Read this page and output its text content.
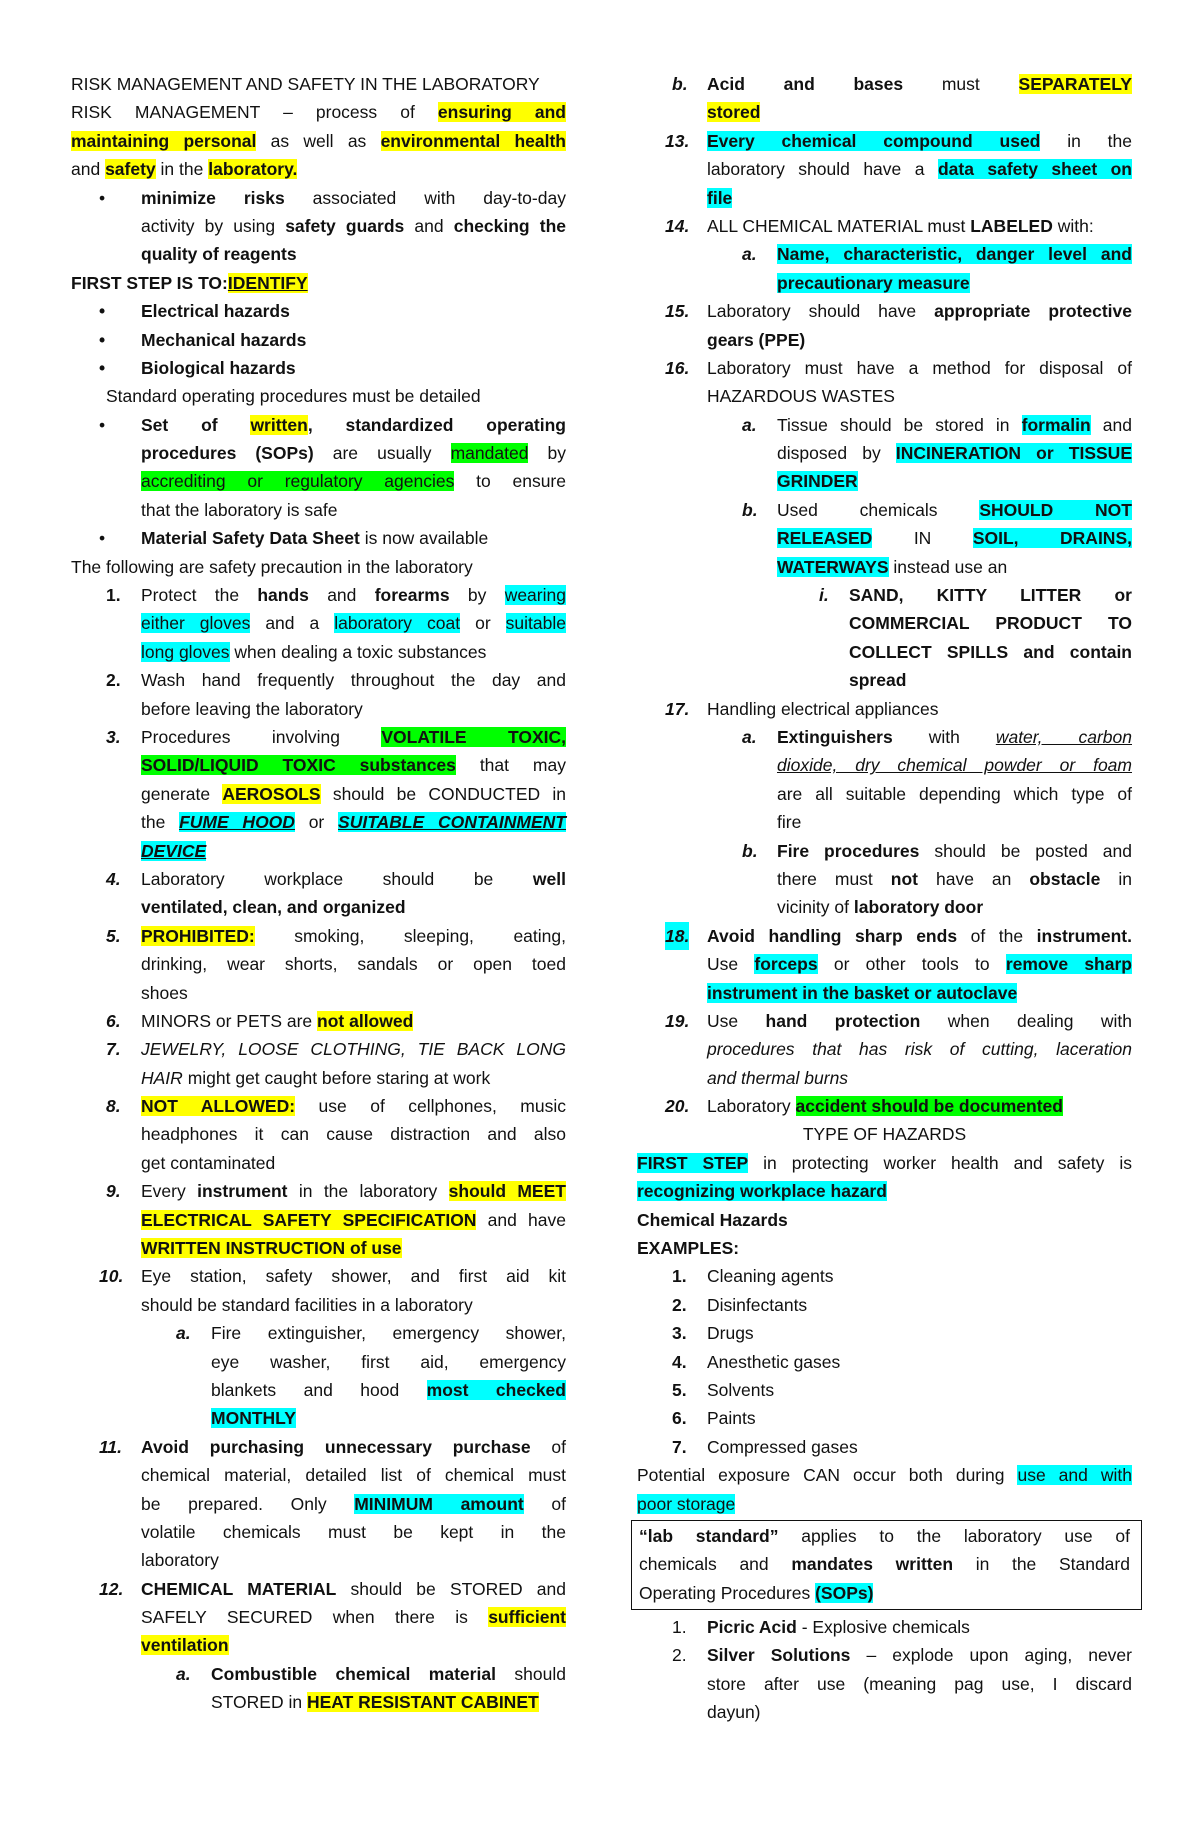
RISK MANAGEMENT AND SAFETY IN THE LABORATORY
RISK MANAGEMENT – process of ensuring and
maintaining personal as well as environmental health
and safety in the laboratory.
• minimize risks associated with day-to-day
activity by using safety guards and checking the
quality of reagents
FIRST STEP IS TO:IDENTIFY
• Electrical hazards
• Mechanical hazards
• Biological hazards
Standard operating procedures must be detailed
• Set of written, standardized operating
procedures (SOPs) are usually mandated by
accrediting or regulatory agencies to ensure
that the laboratory is safe
• Material Safety Data Sheet is now available
The following are safety precaution in the laboratory
1. Protect the hands and forearms by wearing
either gloves and a laboratory coat or suitable
long gloves when dealing a toxic substances
2. Wash hand frequently throughout the day and
before leaving the laboratory
3. Procedures involving VOLATILE TOXIC,
SOLID/LIQUID TOXIC substances that may
generate AEROSOLS should be CONDUCTED in
the FUME HOOD or SUITABLE CONTAINMENT
DEVICE
4. Laboratory workplace should be well
ventilated, clean, and organized
5. PROHIBITED: smoking, sleeping, eating,
drinking, wear shorts, sandals or open toed
shoes
6. MINORS or PETS are not allowed
7. JEWELRY, LOOSE CLOTHING, TIE BACK LONG
HAIR might get caught before staring at work
8. NOT ALLOWED: use of cellphones, music
headphones it can cause distraction and also
get contaminated
9. Every instrument in the laboratory should MEET
ELECTRICAL SAFETY SPECIFICATION and have
WRITTEN INSTRUCTION of use
10. Eye station, safety shower, and first aid kit
should be standard facilities in a laboratory
a. Fire extinguisher, emergency shower,
eye washer, first aid, emergency
blankets and hood most checked
MONTHLY
11. Avoid purchasing unnecessary purchase of
chemical material, detailed list of chemical must
be prepared. Only MINIMUM amount of
volatile chemicals must be kept in the
laboratory
12. CHEMICAL MATERIAL should be STORED and
SAFELY SECURED when there is sufficient
ventilation
a. Combustible chemical material should
STORED in HEAT RESISTANT CABINET
b. Acid and bases must SEPARATELY
stored
13. Every chemical compound used in the
laboratory should have a data safety sheet on
file
14. ALL CHEMICAL MATERIAL must LABELED with:
a. Name, characteristic, danger level and
precautionary measure
15. Laboratory should have appropriate protective
gears (PPE)
16. Laboratory must have a method for disposal of
HAZARDOUS WASTES
a. Tissue should be stored in formalin and
disposed by INCINERATION or TISSUE
GRINDER
b. Used chemicals SHOULD NOT
RELEASED IN SOIL, DRAINS,
WATERWAYS instead use an
i. SAND, KITTY LITTER or
COMMERCIAL PRODUCT TO
COLLECT SPILLS and contain
spread
17. Handling electrical appliances
a. Extinguishers with water, carbon
dioxide, dry chemical powder or foam
are all suitable depending which type of
fire
b. Fire procedures should be posted and
there must not have an obstacle in
vicinity of laboratory door
18. Avoid handling sharp ends of the instrument.
Use forceps or other tools to remove sharp
instrument in the basket or autoclave
19. Use hand protection when dealing with
procedures that has risk of cutting, laceration
and thermal burns
20. Laboratory accident should be documented
TYPE OF HAZARDS
FIRST STEP in protecting worker health and safety is
recognizing workplace hazard
Chemical Hazards
EXAMPLES:
1. Cleaning agents
2. Disinfectants
3. Drugs
4. Anesthetic gases
5. Solvents
6. Paints
7. Compressed gases
Potential exposure CAN occur both during use and with
poor storage
“lab standard” applies to the laboratory use of
chemicals and mandates written in the Standard
Operating Procedures (SOPs)
1. Picric Acid - Explosive chemicals
2. Silver Solutions – explode upon aging, never
store after use (meaning pag use, I discard
dayun)
